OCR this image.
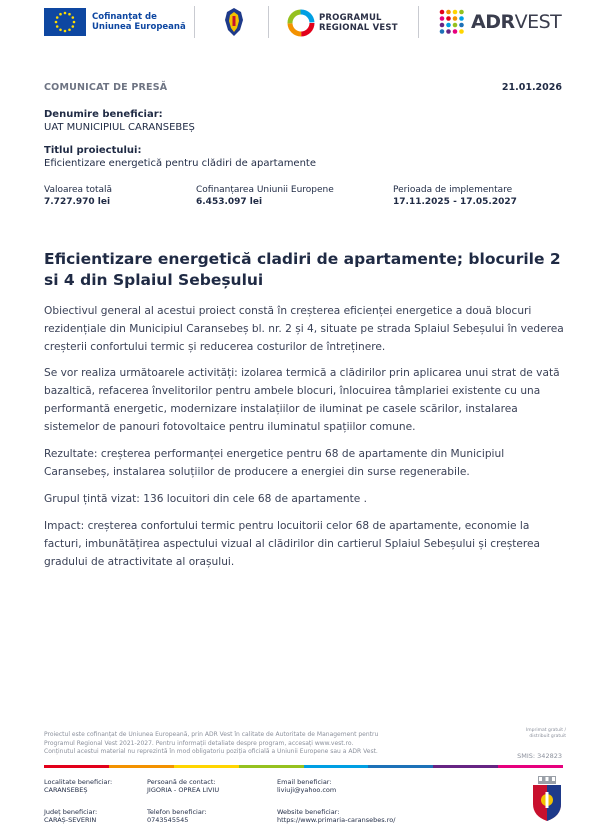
Cofinanțat de
Uniunea Europeană
PROGRAMUL
REGIONAL VEST	ADRVEST
COMUNICAT DE PRESĂ	21.01.2026
Denumire beneficiar:
UAT MUNICIPIUL CARANSEBEȘ
Titlul proiectului:
Eficientizare energetică pentru clădiri de apartamente
Valoarea totală
7.727.970 lei
Cofinanțarea Uniunii Europene
6.453.097 lei
Perioada de implementare
17.11.2025 - 17.05.2027
Eficientizare energetică cladiri de apartamente; blocurile 2
si 4 din Splaiul Sebeșului
Obiectivul general al acestui proiect constă în creșterea eficienței energetice a două blocuri rezidențiale din Municipiul Caransebeș bl. nr. 2 și 4, situate pe strada Splaiul Sebeșului în vederea creșterii confortului termic și reducerea costurilor de întreținere.
Se vor realiza următoarele activități: izolarea termică a clădirilor prin aplicarea unui strat de vată bazaltică, refacerea învelitorilor pentru ambele blocuri, înlocuirea tâmplariei existente cu una performantă energetic, modernizare instalațiilor de iluminat pe casele scărilor, instalarea sistemelor de panouri fotovoltaice pentru iluminatul spațiilor comune.
Rezultate: creșterea performanței energetice pentru 68 de apartamente din Municipiul Caransebeș, instalarea soluțiilor de producere a energiei din surse regenerabile.
Grupul țintă vizat: 136 locuitori din cele 68 de apartamente .
Impact: creșterea confortului termic pentru locuitorii celor 68 de apartamente, economie la facturi, imbunătățirea aspectului vizual al clădirilor din cartierul Splaiul Sebeșului și creșterea gradului de atractivitate al orașului.
Proiectul este cofinanțat de Uniunea Europeană, prin ADR Vest în calitate de Autoritate de Management pentru
Programul Regional Vest 2021-2027. Pentru informații detaliate despre program, accesați www.vest.ro.
Conținutul acestui material nu reprezintă în mod obligatoriu poziția oficială a Uniunii Europene sau a ADR Vest.
Imprimat gratuit / distribuit gratuit
SMIS: 342823
Localitate beneficiar:
CARANSEBEȘ
Județ beneficiar:
CARAȘ-SEVERIN
Persoană de contact:
JIGORIA - OPREA LIVIU
Telefon beneficiar:
0743545545
Email beneficiar:
liviuji@yahoo.com
Website beneficiar:
https://www.primaria-caransebes.ro/
